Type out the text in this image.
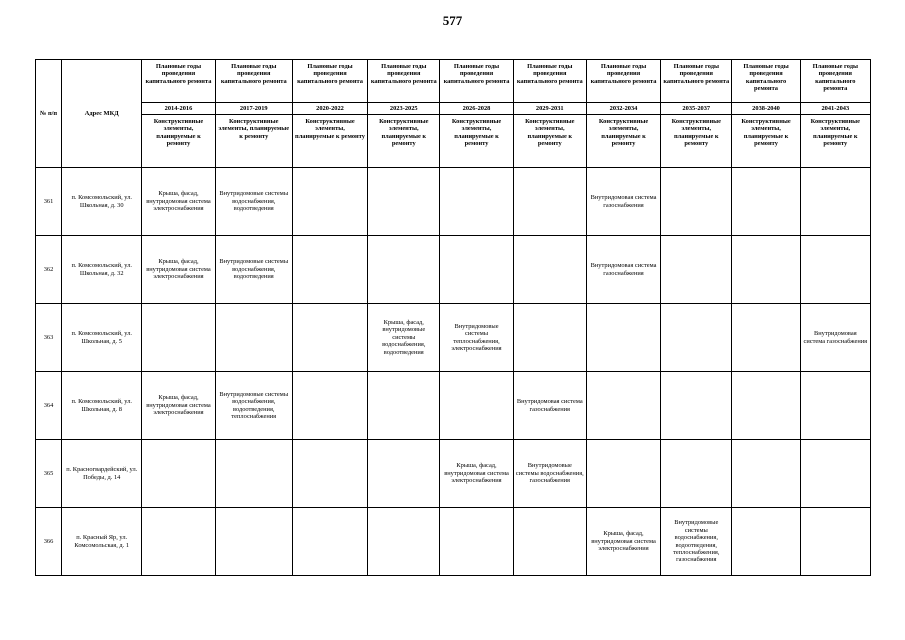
577
№ п/п	Адрес МКД	Плановые годы проведения капитального ремонта	Плановые годы проведения капитального ремонта	Плановые годы проведения капитального ремонта	Плановые годы проведения капитального ремонта	Плановые годы проведения капитального ремонта	Плановые годы проведения капитального ремонта	Плановые годы проведения капитального ремонта	Плановые годы проведения капитального ремонта	Плановые годы проведения капитального ремонта	Плановые годы проведения капитального ремонта
		2014-2016	2017-2019	2020-2022	2023-2025	2026-2028	2029-2031	2032-2034	2035-2037	2038-2040	2041-2043
		Конструктивные элементы, планируемые к ремонту	Конструктивные элементы, планируемые к ремонту	Конструктивные элементы, планируемые к ремонту	Конструктивные элементы, планируемые к ремонту	Конструктивные элементы, планируемые к ремонту	Конструктивные элементы, планируемые к ремонту	Конструктивные элементы, планируемые к ремонту	Конструктивные элементы, планируемые к ремонту	Конструктивные элементы, планируемые к ремонту	Конструктивные элементы, планируемые к ремонту
361	п. Комсомольский, ул. Школьная, д. 30	Крыша, фасад, внутридомовая система электроснабжения	Внутридомовые системы водоснабжения, водоотведения					Внутридомовая система газоснабжения			
362	п. Комсомольский, ул. Школьная, д. 32	Крыша, фасад, внутридомовая система электроснабжения	Внутридомовые системы водоснабжения, водоотведения					Внутридомовая система газоснабжения			
363	п. Комсомольский, ул. Школьная, д. 5				Крыша, фасад, внутридомовые системы водоснабжения, водоотведения	Внутридомовые системы теплоснабжения, электроснабжения					Внутридомовая система газоснабжения
364	п. Комсомольский, ул. Школьная, д. 8	Крыша, фасад, внутридомовая система электроснабжения	Внутридомовые системы водоснабжения, водоотведения, теплоснабжения				Внутридомовая система газоснабжения				
365	п. Красногвардейский, ул. Победы, д. 14					Крыша, фасад, внутридомовая система электроснабжения	Внутридомовые системы водоснабжения, газоснабжения				
366	п. Красный Яр, ул. Комсомольская, д. 1							Крыша, фасад, внутридомовая система электроснабжения	Внутридомовые системы водоснабжения, водоотведения, теплоснабжения, газоснабжения		
